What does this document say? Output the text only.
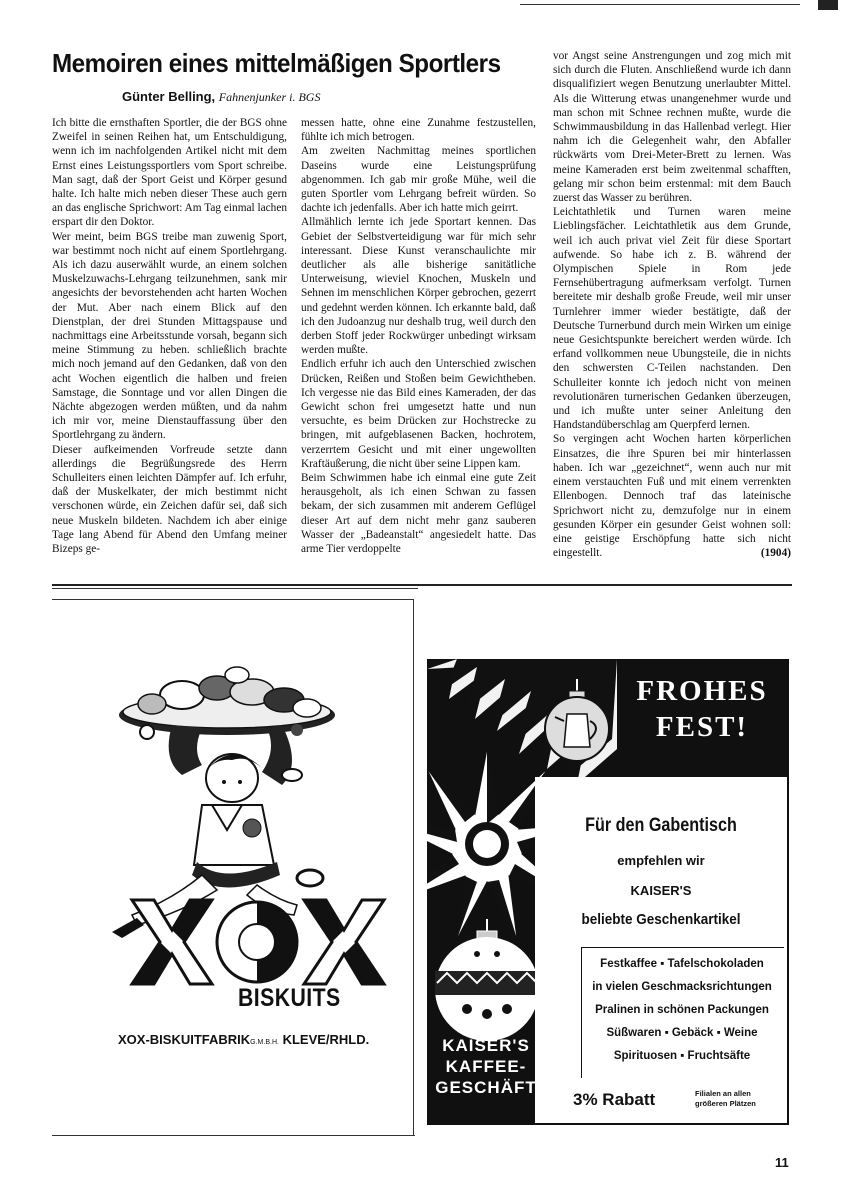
Memoiren eines mittelmäßigen Sportlers
Günter Belling, Fahnenjunker i. BGS

Ich bitte die ernsthaften Sportler, die der BGS ohne Zweifel in seinen Reihen hat, um Entschuldigung, wenn ich im nachfolgenden Artikel nicht mit dem Ernst eines Leistungssportlers vom Sport schreibe. Man sagt, daß der Sport Geist und Körper gesund halte. Ich halte mich neben dieser These auch gern an das englische Sprichwort: Am Tag einmal lachen erspart dir den Doktor.

Wer meint, beim BGS treibe man zuwenig Sport, war bestimmt noch nicht auf einem Sportlehrgang. Als ich dazu auserwählt wurde, an einem solchen Muskelzuwachs-Lehrgang teilzunehmen, sank mir angesichts der bevorstehenden acht harten Wochen der Mut. Aber nach einem Blick auf den Dienstplan, der drei Stunden Mittagspause und nachmittags eine Arbeitsstunde vorsah, begann sich meine Stimmung zu heben. schließlich brachte mich noch jemand auf den Gedanken, daß von den acht Wochen eigentlich die halben und freien Samstage, die Sonntage und vor allen Dingen die Nächte abgezogen werden müßten, und da nahm ich mir vor, meine Dienstauffassung über den Sportlehrgang zu ändern.

Dieser aufkeimenden Vorfreude setzte dann allerdings die Begrüßungsrede des Herrn Schulleiters einen leichten Dämpfer auf. Ich erfuhr, daß der Muskelkater, der mich bestimmt nicht verschonen würde, ein Zeichen dafür sei, daß sich neue Muskeln bildeten. Nachdem ich aber einige Tage lang Abend für Abend den Umfang meiner Bizeps ge-

messen hatte, ohne eine Zunahme festzustellen, fühlte ich mich betrogen.

Am zweiten Nachmittag meines sportlichen Daseins wurde eine Leistungsprüfung abgenommen. Ich gab mir große Mühe, weil die guten Sportler vom Lehrgang befreit würden. So dachte ich jedenfalls. Aber ich hatte mich geirrt.

Allmählich lernte ich jede Sportart kennen. Das Gebiet der Selbstverteidigung war für mich sehr interessant. Diese Kunst veranschaulichte mir deutlicher als alle bisherige sanitätliche Unterweisung, wieviel Knochen, Muskeln und Sehnen im menschlichen Körper gebrochen, gezerrt und gedehnt werden können. Ich erkannte bald, daß ich den Judoanzug nur deshalb trug, weil durch den derben Stoff jeder Rockwürger unbedingt wirksam werden mußte.

Endlich erfuhr ich auch den Unterschied zwischen Drücken, Reißen und Stoßen beim Gewichtheben. Ich vergesse nie das Bild eines Kameraden, der das Gewicht schon frei umgesetzt hatte und nun versuchte, es beim Drücken zur Hochstrecke zu bringen, mit aufgeblasenen Backen, hochrotem, verzerrtem Gesicht und mit einer ungewollten Kraftäußerung, die nicht über seine Lippen kam.

Beim Schwimmen habe ich einmal eine gute Zeit herausgeholt, als ich einen Schwan zu fassen bekam, der sich zusammen mit anderem Geflügel dieser Art auf dem nicht mehr ganz sauberen Wasser der „Badeanstalt“ angesiedelt hatte. Das arme Tier verdoppelte

vor Angst seine Anstrengungen und zog mich mit sich durch die Fluten. Anschließend wurde ich dann disqualifiziert wegen Benutzung unerlaubter Mittel. Als die Witterung etwas unangenehmer wurde und man schon mit Schnee rechnen mußte, wurde die Schwimmausbildung in das Hallenbad verlegt. Hier nahm ich die Gelegenheit wahr, den Abfaller rückwärts vom Drei-Meter-Brett zu lernen. Was meine Kameraden erst beim zweitenmal schafften, gelang mir schon beim erstenmal: mit dem Bauch zuerst das Wasser zu berühren.

Leichtathletik und Turnen waren meine Lieblingsfächer. Leichtathletik aus dem Grunde, weil ich auch privat viel Zeit für diese Sportart aufwende. So habe ich z. B. während der Olympischen Spiele in Rom jede Fernsehübertragung aufmerksam verfolgt. Turnen bereitete mir deshalb große Freude, weil mir unser Turnlehrer immer wieder bestätigte, daß der Deutsche Turnerbund durch mein Wirken um einige neue Gesichtspunkte bereichert werden würde. Ich erfand vollkommen neue Ubungsteile, die in nichts den schwersten C-Teilen nachstanden. Den Schulleiter konnte ich jedoch nicht von meinen revolutionären turnerischen Gedanken überzeugen, und ich mußte unter seiner Anleitung den Handstandüberschlag am Querpferd lernen.

So vergingen acht Wochen harten körperlichen Einsatzes, die ihre Spuren bei mir hinterlassen haben. Ich war „gezeichnet“, wenn auch nur mit einem verstauchten Fuß und mit einem verrenkten Ellenbogen. Dennoch traf das lateinische Sprichwort nicht zu, demzufolge nur in einem gesunden Körper ein gesunder Geist wohnen soll: eine geistige Erschöpfung hatte sich nicht eingestellt.	(1904)

BISKUITS
XOX-BISKUITFABRIKG.M.B.H. KLEVE/RHLD.
FROHES
FEST!
Für den Gabentisch
empfehlen wir
KAISER'S
beliebte Geschenkartikel
Festkaffee ▪ Tafelschokoladen
in vielen Geschmacksrichtungen
Pralinen in schönen Packungen
Süßwaren ▪ Gebäck ▪ Weine
Spirituosen ▪ Fruchtsäfte
3% Rabatt	Filialen an allen
größeren Plätzen
KAISER'S
KAFFEE-
GESCHÄFT
11
